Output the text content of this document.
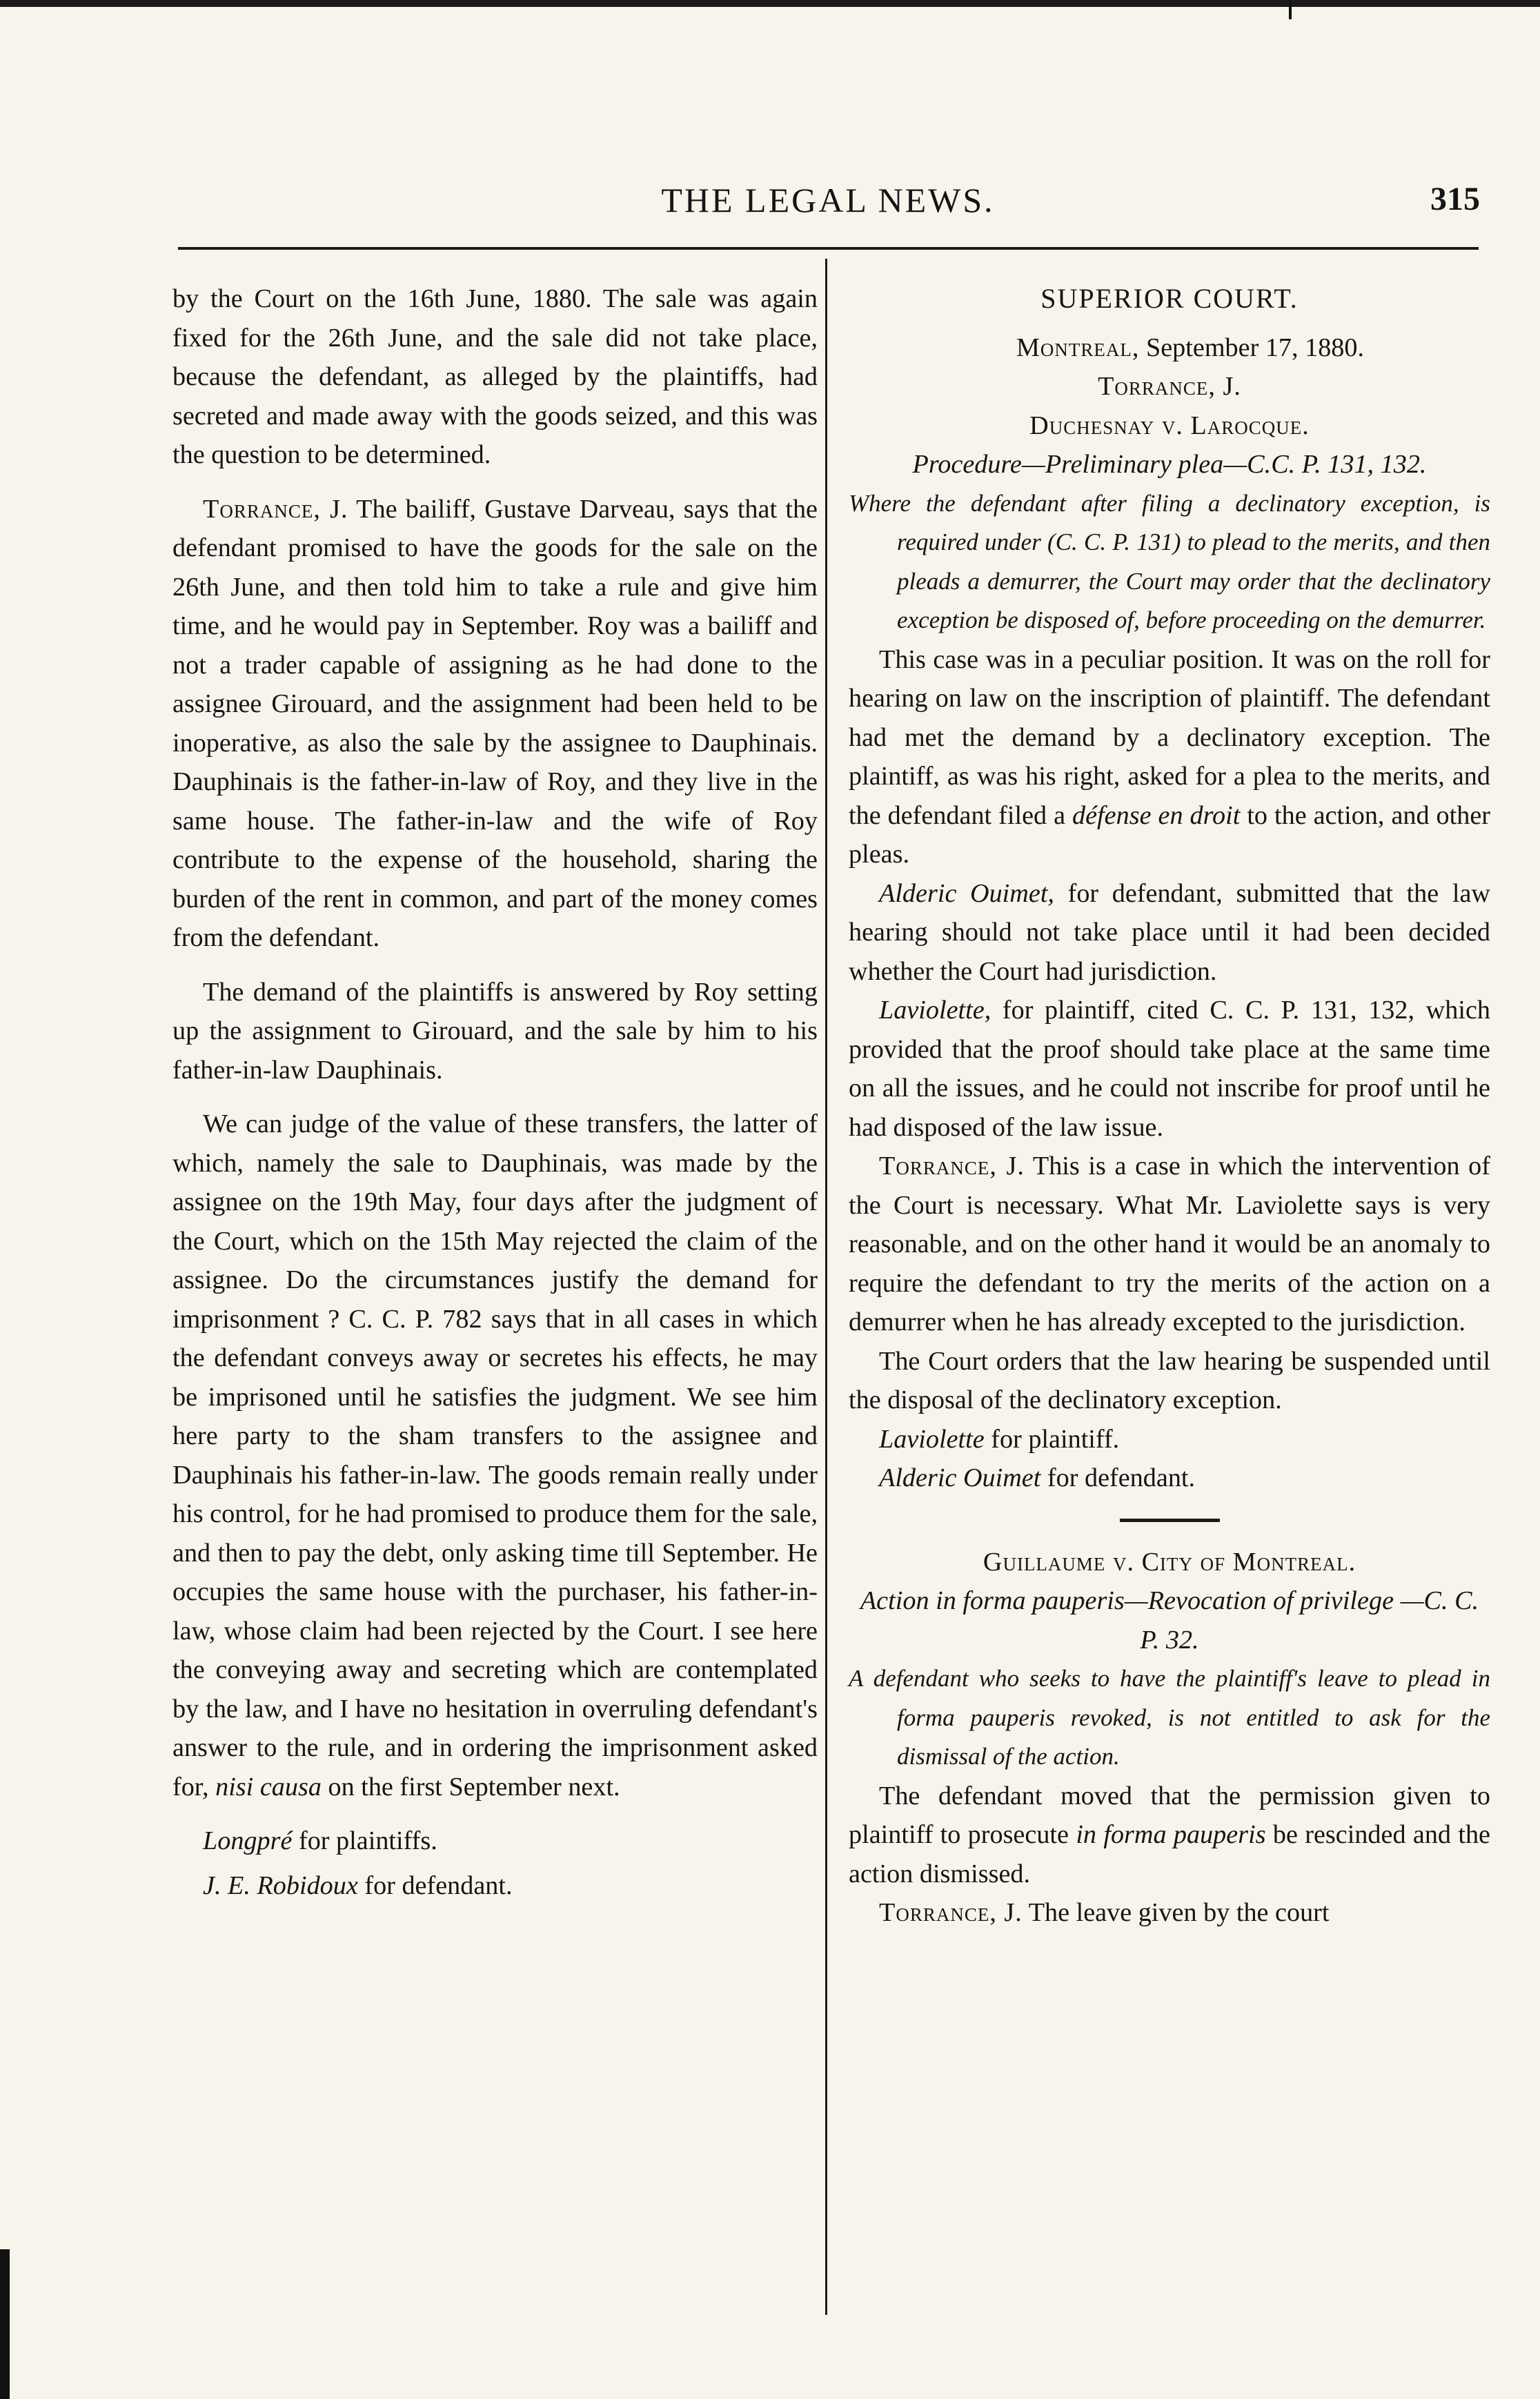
THE LEGAL NEWS.	315

by the Court on the 16th June, 1880. The sale was again fixed for the 26th June, and the sale did not take place, because the defendant, as alleged by the plaintiffs, had secreted and made away with the goods seized, and this was the question to be determined.

Torrance, J. The bailiff, Gustave Darveau, says that the defendant promised to have the goods for the sale on the 26th June, and then told him to take a rule and give him time, and he would pay in September. Roy was a bailiff and not a trader capable of assigning as he had done to the assignee Girouard, and the assignment had been held to be inoperative, as also the sale by the assignee to Dauphinais. Dauphinais is the father-in-law of Roy, and they live in the same house. The father-in-law and the wife of Roy contribute to the expense of the household, sharing the burden of the rent in common, and part of the money comes from the defendant.

The demand of the plaintiffs is answered by Roy setting up the assignment to Girouard, and the sale by him to his father-in-law Dauphinais.

We can judge of the value of these transfers, the latter of which, namely the sale to Dauphinais, was made by the assignee on the 19th May, four days after the judgment of the Court, which on the 15th May rejected the claim of the assignee. Do the circumstances justify the demand for imprisonment ? C. C. P. 782 says that in all cases in which the defendant conveys away or secretes his effects, he may be imprisoned until he satisfies the judgment. We see him here party to the sham transfers to the assignee and Dauphinais his father-in-law. The goods remain really under his control, for he had promised to produce them for the sale, and then to pay the debt, only asking time till September. He occupies the same house with the purchaser, his father-in-law, whose claim had been rejected by the Court. I see here the conveying away and secreting which are contemplated by the law, and I have no hesitation in overruling defendant's answer to the rule, and in ordering the imprisonment asked for, nisi causa on the first September next.

Longpré for plaintiffs.

J. E. Robidoux for defendant.

SUPERIOR COURT.

Montreal, September 17, 1880.

Torrance, J.

Duchesnay v. Larocque.

Procedure—Preliminary plea—C.C. P. 131, 132.

Where the defendant after filing a declinatory exception, is required under (C. C. P. 131) to plead to the merits, and then pleads a demurrer, the Court may order that the declinatory exception be disposed of, before proceeding on the demurrer.

This case was in a peculiar position. It was on the roll for hearing on law on the inscription of plaintiff. The defendant had met the demand by a declinatory exception. The plaintiff, as was his right, asked for a plea to the merits, and the defendant filed a défense en droit to the action, and other pleas.

Alderic Ouimet, for defendant, submitted that the law hearing should not take place until it had been decided whether the Court had jurisdiction.

Laviolette, for plaintiff, cited C. C. P. 131, 132, which provided that the proof should take place at the same time on all the issues, and he could not inscribe for proof until he had disposed of the law issue.

Torrance, J. This is a case in which the intervention of the Court is necessary. What Mr. Laviolette says is very reasonable, and on the other hand it would be an anomaly to require the defendant to try the merits of the action on a demurrer when he has already excepted to the jurisdiction.

The Court orders that the law hearing be suspended until the disposal of the declinatory exception.

Laviolette for plaintiff.

Alderic Ouimet for defendant.

Guillaume v. City of Montreal.

Action in forma pauperis—Revocation of privilege —C. C. P. 32.

A defendant who seeks to have the plaintiff's leave to plead in forma pauperis revoked, is not entitled to ask for the dismissal of the action.

The defendant moved that the permission given to plaintiff to prosecute in forma pauperis be rescinded and the action dismissed.

Torrance, J. The leave given by the court
